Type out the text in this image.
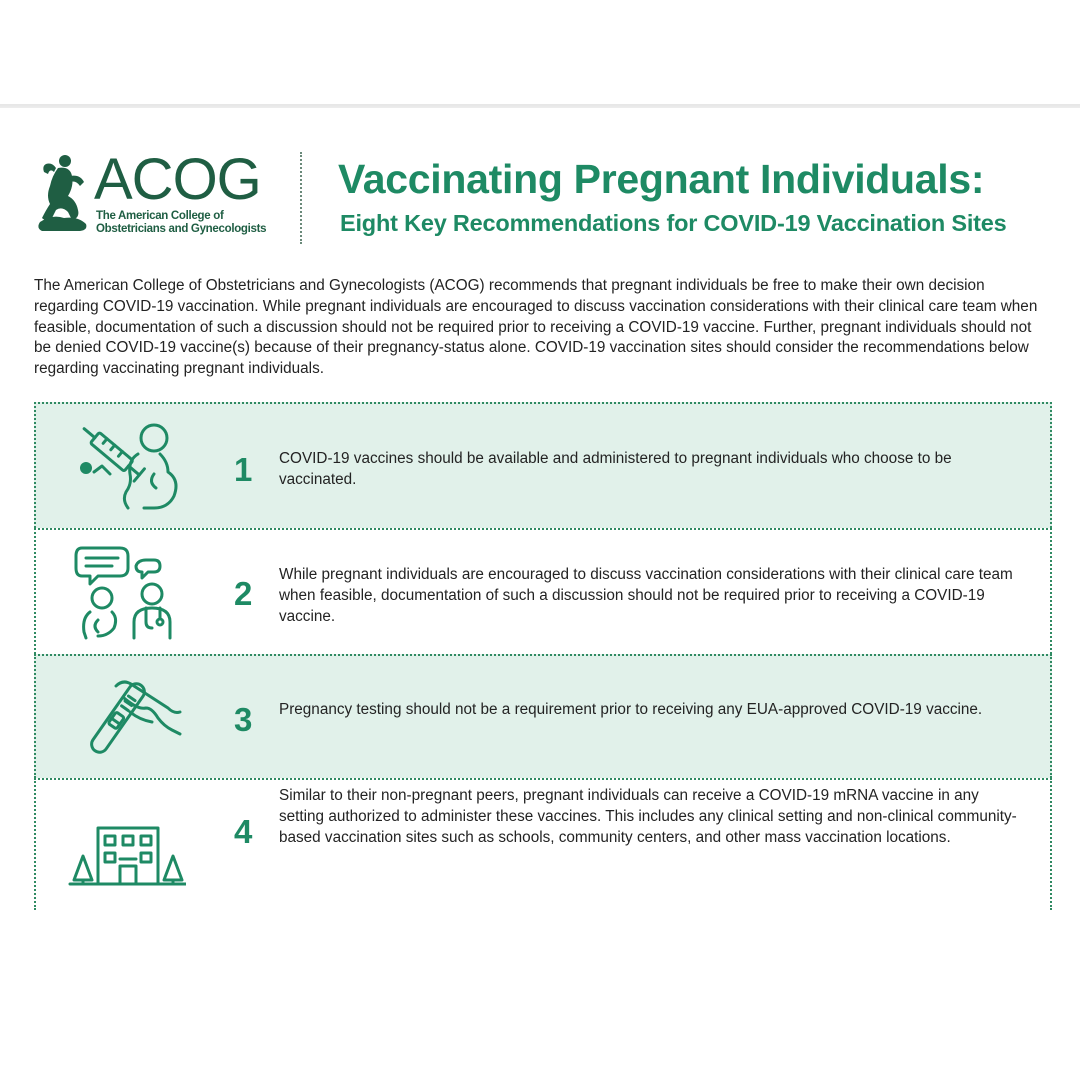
ACOG
The American College of
Obstetricians and Gynecologists
Vaccinating Pregnant Individuals:
Eight Key Recommendations for COVID-19 Vaccination Sites
The American College of Obstetricians and Gynecologists (ACOG) recommends that pregnant individuals be free to make their own decision regarding COVID-19 vaccination. While pregnant individuals are encouraged to discuss vaccination considerations with their clinical care team when feasible, documentation of such a discussion should not be required prior to receiving a COVID-19 vaccine. Further, pregnant individuals should not be denied COVID-19 vaccine(s) because of their pregnancy-status alone. COVID-19 vaccination sites should consider the recommendations below regarding vaccinating pregnant individuals.
1	COVID-19 vaccines should be available and administered to pregnant individuals who choose to be vaccinated.
2
While pregnant individuals are encouraged to discuss vaccination considerations with their clinical care team when feasible, documentation of such a discussion should not be required prior to receiving a COVID-19 vaccine.
3	Pregnancy testing should not be a requirement prior to receiving any EUA-approved COVID-19 vaccine.
4
Similar to their non-pregnant peers, pregnant individuals can receive a COVID-19 mRNA vaccine in any setting authorized to administer these vaccines. This includes any clinical setting and non-clinical community-based vaccination sites such as schools, community centers, and other mass vaccination locations.
